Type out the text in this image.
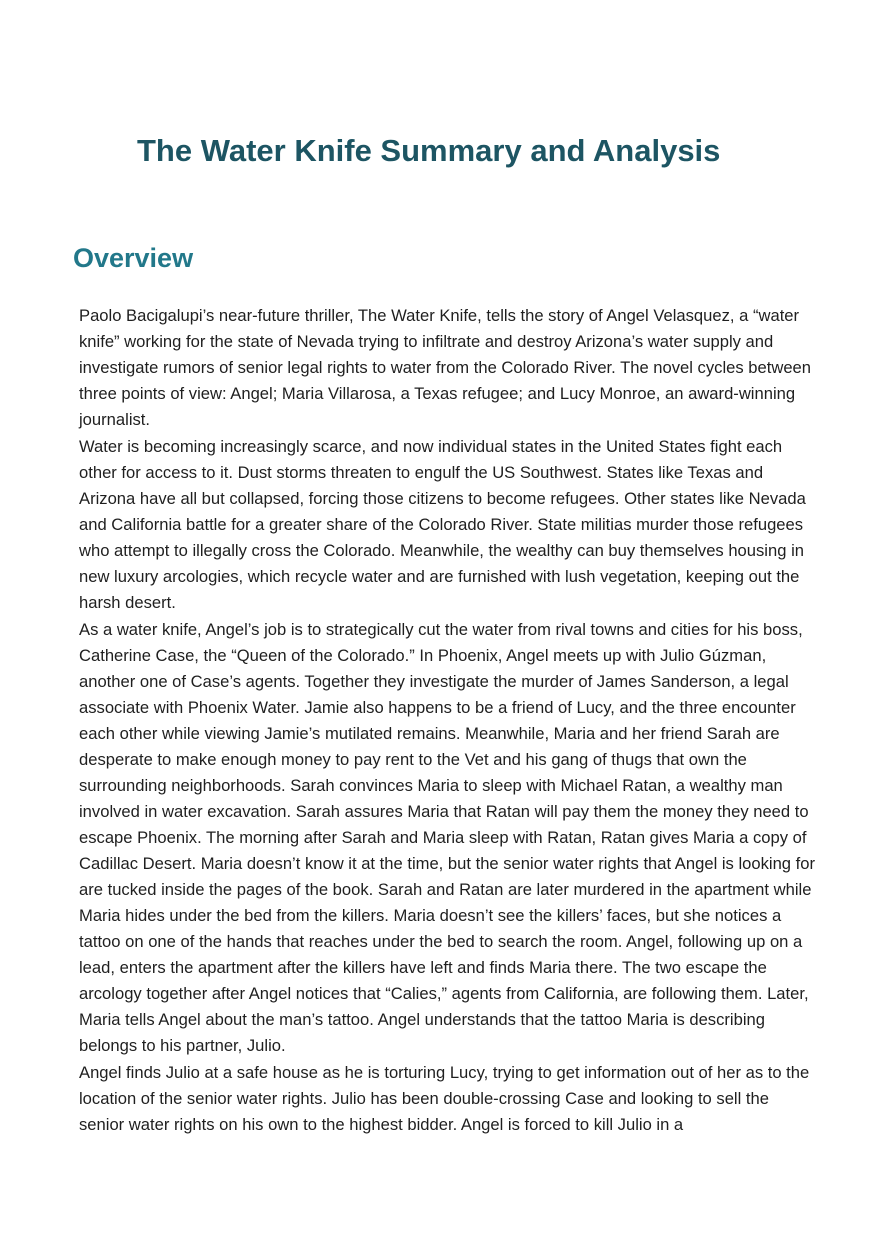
The Water Knife Summary and Analysis
Overview

Paolo Bacigalupi’s near-future thriller, The Water Knife, tells the story of Angel Velasquez, a “water knife” working for the state of Nevada trying to infiltrate and destroy Arizona’s water supply and investigate rumors of senior legal rights to water from the Colorado River. The novel cycles between three points of view: Angel; Maria Villarosa, a Texas refugee; and Lucy Monroe, an award-winning journalist.

Water is becoming increasingly scarce, and now individual states in the United States fight each other for access to it. Dust storms threaten to engulf the US Southwest. States like Texas and Arizona have all but collapsed, forcing those citizens to become refugees. Other states like Nevada and California battle for a greater share of the Colorado River. State militias murder those refugees who attempt to illegally cross the Colorado. Meanwhile, the wealthy can buy themselves housing in new luxury arcologies, which recycle water and are furnished with lush vegetation, keeping out the harsh desert.

As a water knife, Angel’s job is to strategically cut the water from rival towns and cities for his boss, Catherine Case, the “Queen of the Colorado.” In Phoenix, Angel meets up with Julio Gúzman, another one of Case’s agents. Together they investigate the murder of James Sanderson, a legal associate with Phoenix Water. Jamie also happens to be a friend of Lucy, and the three encounter each other while viewing Jamie’s mutilated remains. Meanwhile, Maria and her friend Sarah are desperate to make enough money to pay rent to the Vet and his gang of thugs that own the surrounding neighborhoods. Sarah convinces Maria to sleep with Michael Ratan, a wealthy man involved in water excavation. Sarah assures Maria that Ratan will pay them the money they need to escape Phoenix. The morning after Sarah and Maria sleep with Ratan, Ratan gives Maria a copy of Cadillac Desert. Maria doesn’t know it at the time, but the senior water rights that Angel is looking for are tucked inside the pages of the book. Sarah and Ratan are later murdered in the apartment while Maria hides under the bed from the killers. Maria doesn’t see the killers’ faces, but she notices a tattoo on one of the hands that reaches under the bed to search the room. Angel, following up on a lead, enters the apartment after the killers have left and finds Maria there. The two escape the arcology together after Angel notices that “Calies,” agents from California, are following them. Later, Maria tells Angel about the man’s tattoo. Angel understands that the tattoo Maria is describing belongs to his partner, Julio.

Angel finds Julio at a safe house as he is torturing Lucy, trying to get information out of her as to the location of the senior water rights. Julio has been double-crossing Case and looking to sell the senior water rights on his own to the highest bidder. Angel is forced to kill Julio in a
